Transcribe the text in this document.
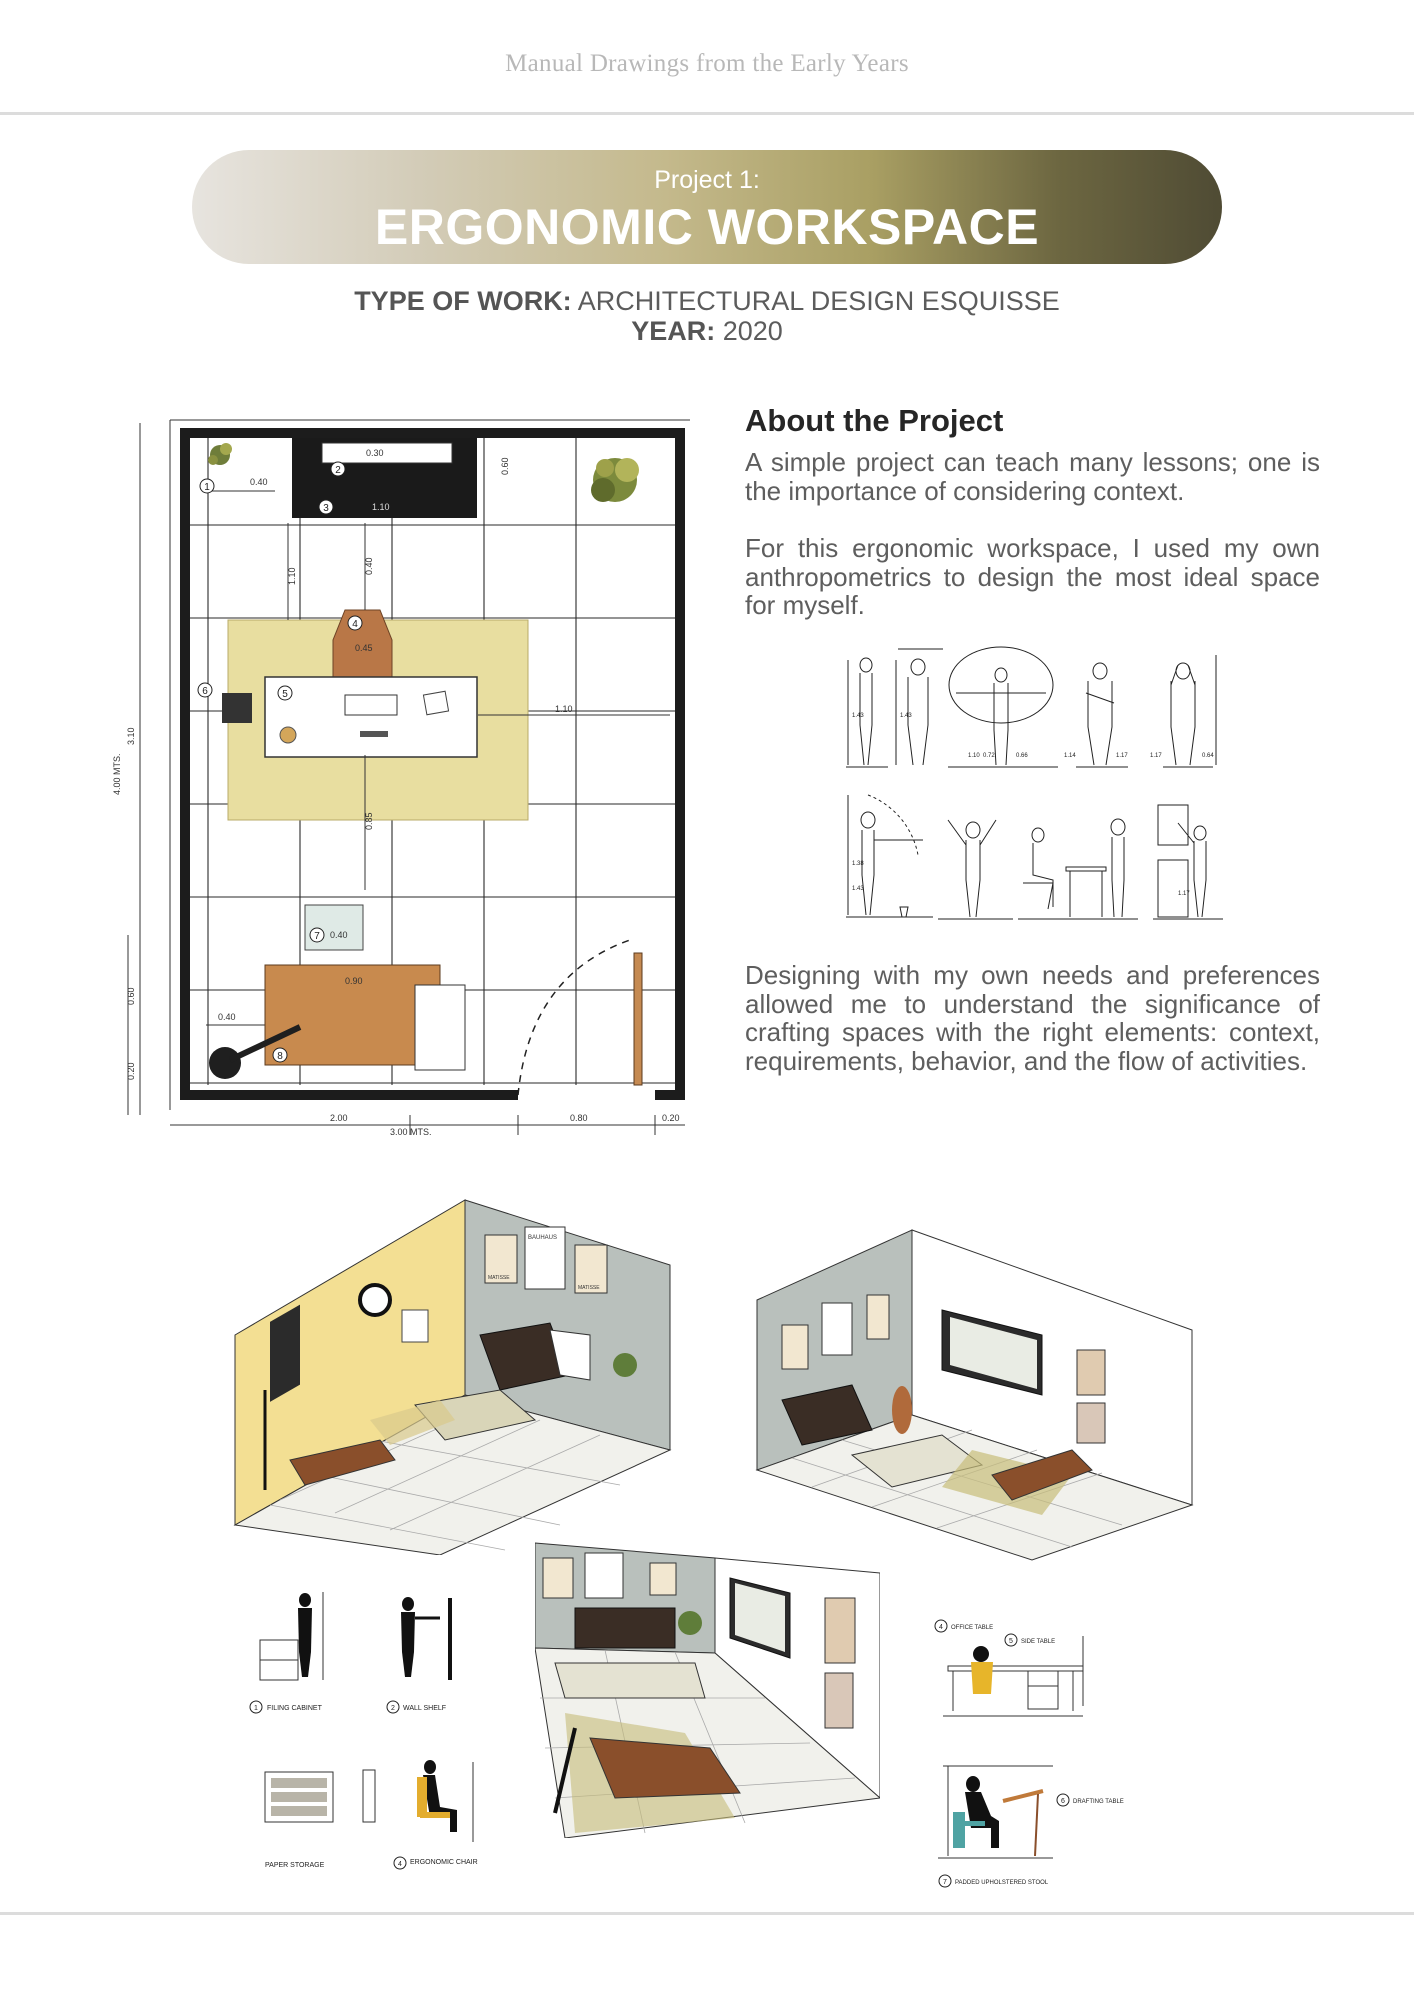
Manual Drawings from the Early Years
Project 1:
ERGONOMIC WORKSPACE
TYPE OF WORK: ARCHITECTURAL DESIGN ESQUISSE
YEAR: 2020
0.30
1.10
0.45
0.40
0.40
1.10
1.10
0.85
0.60
0.40
0.90
0.40
1
2
3
4
5
6
7
8
4.00 MTS.
3.10
0.60
0.20
2.00	0.80	0.20
3.00 MTS.
About the Project
A simple project can teach many lessons; one is the importance of considering context.
For this ergonomic workspace, I used my own anthropometrics to design the most ideal space for myself.
Designing with my own needs and preferences allowed me to understand the significance of crafting spaces with the right elements: context, requirements, behavior, and the flow of activities.
1.43	1.43
1.10	1.14	1.17	1.17	0.64
0.72	0.66
1.38
1.43
1.17
BAUHAUS
MATISSE
MATISSE
1 FILING CABINET	2 WALL SHELF
PAPER STORAGE	4 ERGONOMIC CHAIR
4 OFFICE TABLE
5 SIDE TABLE
6 DRAFTING TABLE
7 PADDED UPHOLSTERED STOOL
